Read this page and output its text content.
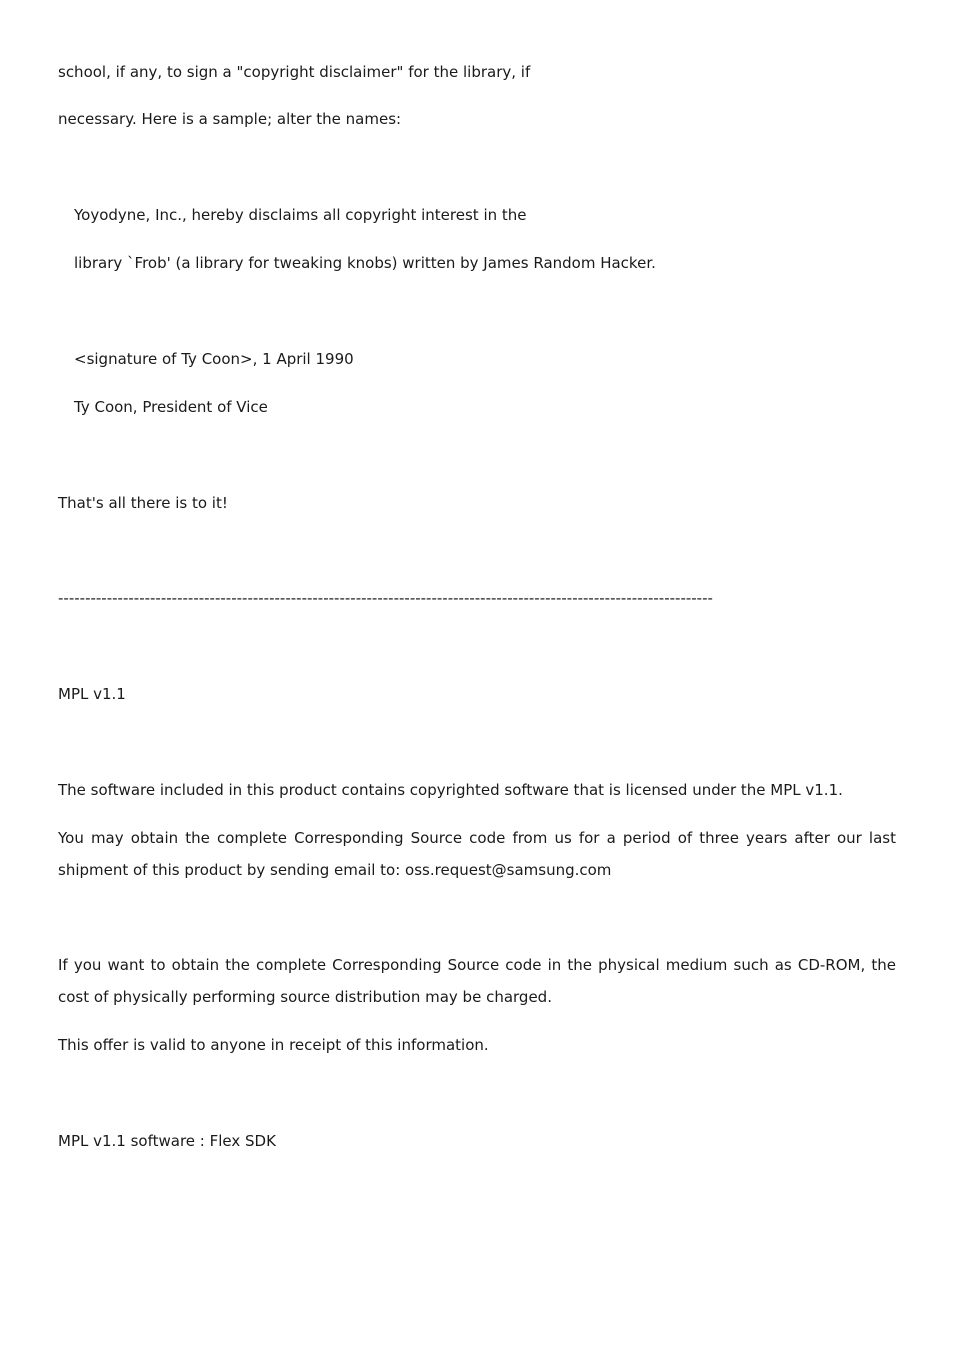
school, if any, to sign a "copyright disclaimer" for the library, if
necessary. Here is a sample; alter the names:
Yoyodyne, Inc., hereby disclaims all copyright interest in the
library `Frob' (a library for tweaking knobs) written by James Random Hacker.
<signature of Ty Coon>, 1 April 1990
Ty Coon, President of Vice
That's all there is to it!
-------------------------------------------------------------------------------------------------------------------------
MPL v1.1
The software included in this product contains copyrighted software that is licensed under the MPL v1.1.
You may obtain the complete Corresponding Source code from us for a period of three years after our last
shipment of this product by sending email to: oss.request@samsung.com
If you want to obtain the complete Corresponding Source code in the physical medium such as CD-ROM, the
cost of physically performing source distribution may be charged.
This offer is valid to anyone in receipt of this information.
MPL v1.1 software : Flex SDK
